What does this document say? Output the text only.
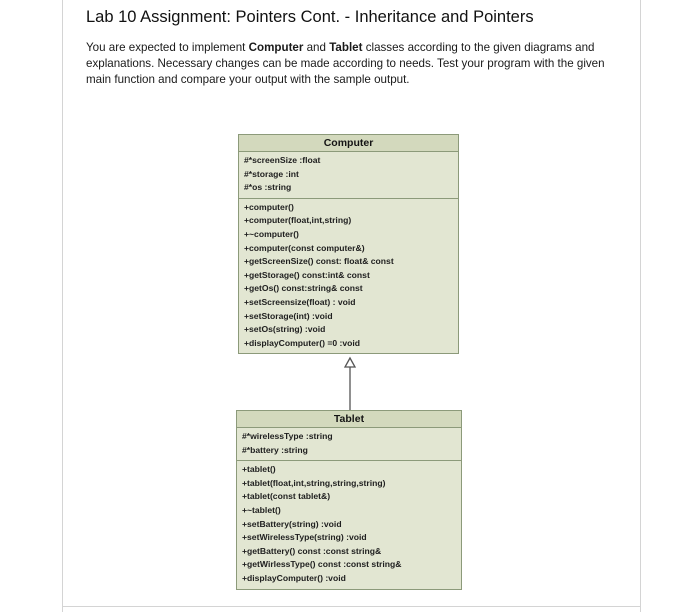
Lab 10 Assignment: Pointers Cont. - Inheritance and Pointers
You are expected to implement Computer and Tablet classes according to the given diagrams and explanations. Necessary changes can be made according to needs. Test your program with the given main function and compare your output with the sample output.
Computer
#*screenSize :float
#*storage :int
#*os :string
+computer()
+computer(float,int,string)
+~computer()
+computer(const computer&)
+getScreenSize() const: float& const
+getStorage() const:int& const
+getOs() const:string& const
+setScreensize(float) : void
+setStorage(int) :void
+setOs(string) :void
+displayComputer() =0 :void
Tablet
#*wirelessType :string
#*battery :string
+tablet()
+tablet(float,int,string,string,string)
+tablet(const tablet&)
+~tablet()
+setBattery(string) :void
+setWirelessType(string) :void
+getBattery() const :const string&
+getWirlessType() const :const string&
+displayComputer() :void
